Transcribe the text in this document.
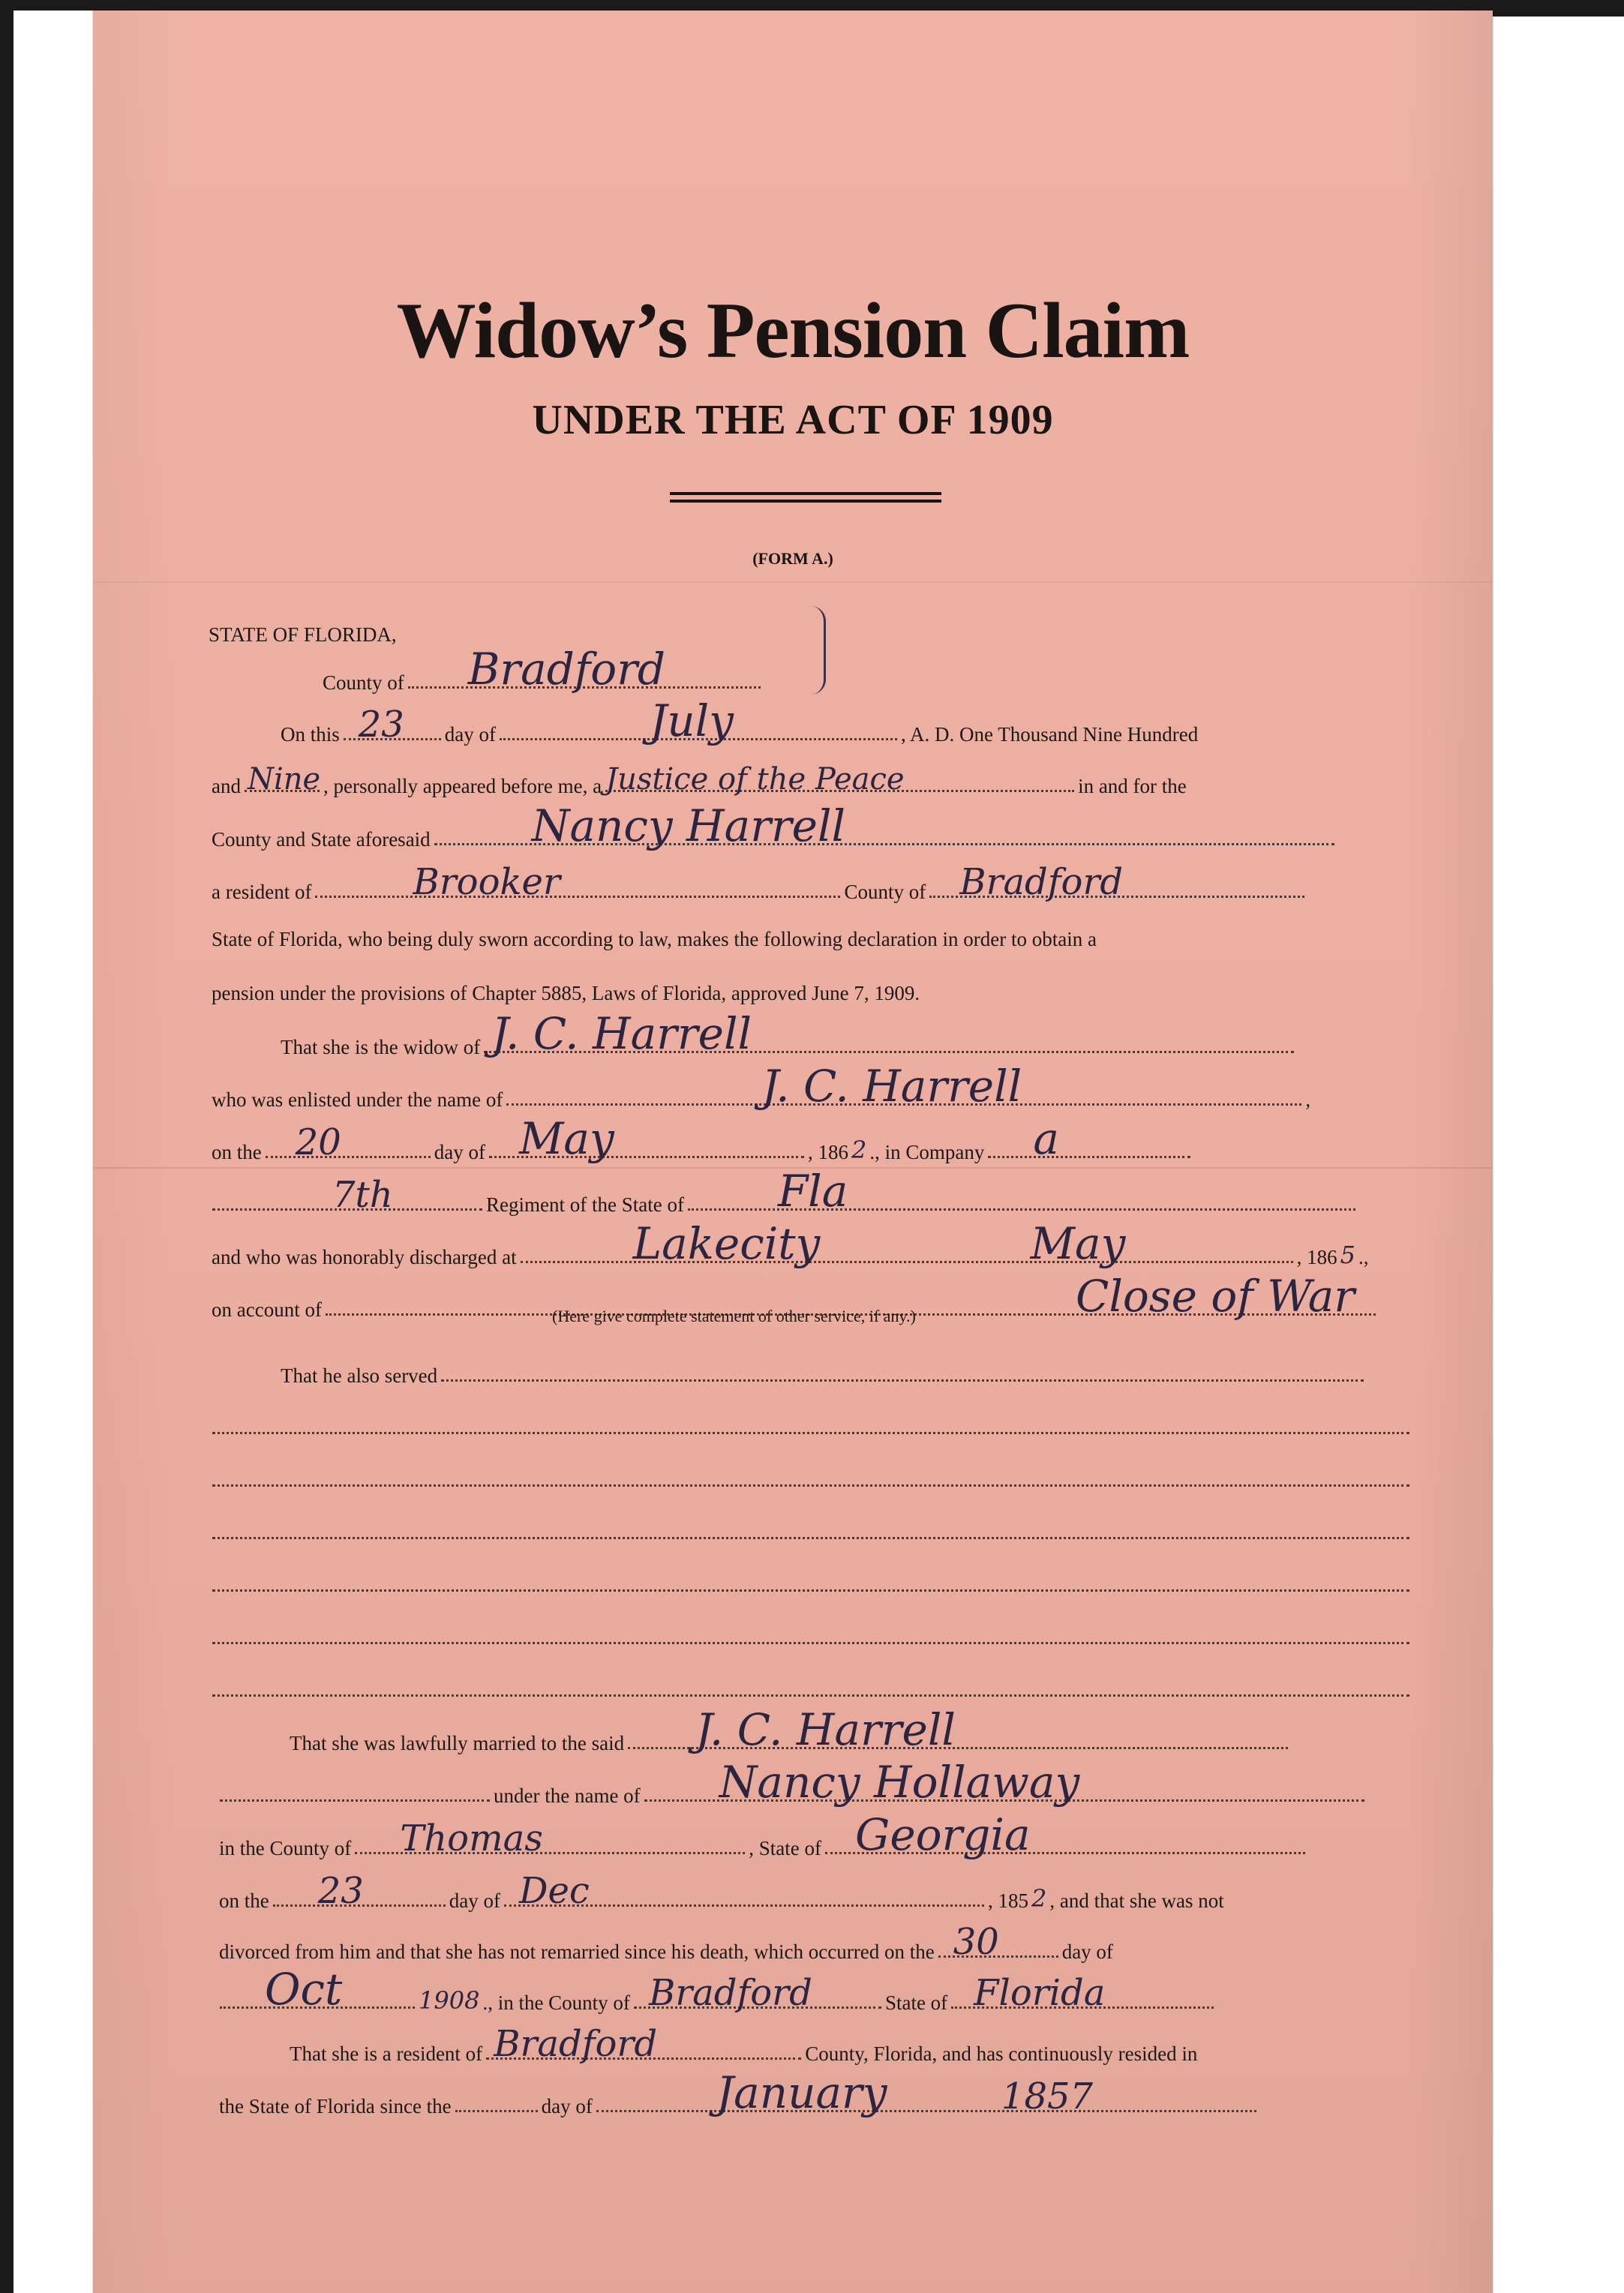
Widow’s Pension Claim
UNDER THE ACT OF 1909
(FORM A.)
STATE OF FLORIDA,
County of Bradford
On this 23 day of	July	, A. D. One Thousand Nine Hundred
and Nine , personally appeared before me, a Justice of the Peace	in and for the
County and State aforesaid Nancy Harrell
a resident of	Brooker	County of Bradford
State of Florida, who being duly sworn according to law, makes the following declaration in order to obtain a
pension under the provisions of Chapter 5885, Laws of Florida, approved June 7, 1909.
That she is the widow of J. C. Harrell
who was enlisted under the name of	J. C. Harrell	,
on the 20	day of May	, 186 2 ., in Company a
7th	Regiment of the State of Fla
and who was honorably discharged at	Lakecity	May	, 186 5 .,
on account of	Close of War
(Here give complete statement of other service, if any.)
That he also served
That she was lawfully married to the said J. C. Harrell
under the name of Nancy Hollaway
in the County of Thomas	, State of Georgia
on the 23	day of Dec	, 185 2 , and that she was not
divorced from him and that she has not remarried since his death, which occurred on the 30	day of
Oct	1908 ., in the County of Bradford	State of Florida
That she is a resident of Bradford	County, Florida, and has continuously resided in
the State of Florida since the	day of	January	1857
